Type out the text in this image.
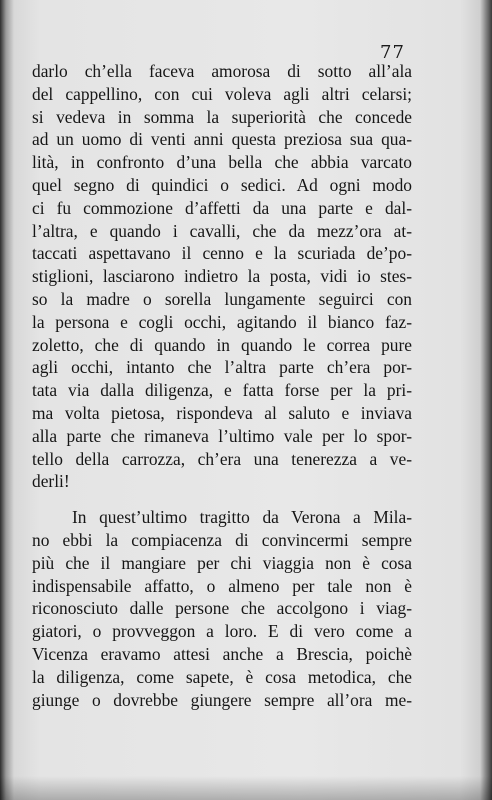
77
darlo ch’ella faceva amorosa di sotto all’ala
del cappellino, con cui voleva agli altri celarsi;
si vedeva in somma la superiorità che concede
ad un uomo di venti anni questa preziosa sua qua-
lità, in confronto d’una bella che abbia varcato
quel segno di quindici o sedici. Ad ogni modo
ci fu commozione d’affetti da una parte e dal-
l’altra, e quando i cavalli, che da mezz’ora at-
taccati aspettavano il cenno e la scuriada de’po-
stiglioni, lasciarono indietro la posta, vidi io stes-
so la madre o sorella lungamente seguirci con
la persona e cogli occhi, agitando il bianco faz-
zoletto, che di quando in quando le correa pure
agli occhi, intanto che l’altra parte ch’era por-
tata via dalla diligenza, e fatta forse per la pri-
ma volta pietosa, rispondeva al saluto e inviava
alla parte che rimaneva l’ultimo vale per lo spor-
tello della carrozza, ch’era una tenerezza a ve-
derli!
In quest’ultimo tragitto da Verona a Mila-
no ebbi la compiacenza di convincermi sempre
più che il mangiare per chi viaggia non è cosa
indispensabile affatto, o almeno per tale non è
riconosciuto dalle persone che accolgono i viag-
giatori, o provveggon a loro. E di vero come a
Vicenza eravamo attesi anche a Brescia, poichè
la diligenza, come sapete, è cosa metodica, che
giunge o dovrebbe giungere sempre all’ora me-
